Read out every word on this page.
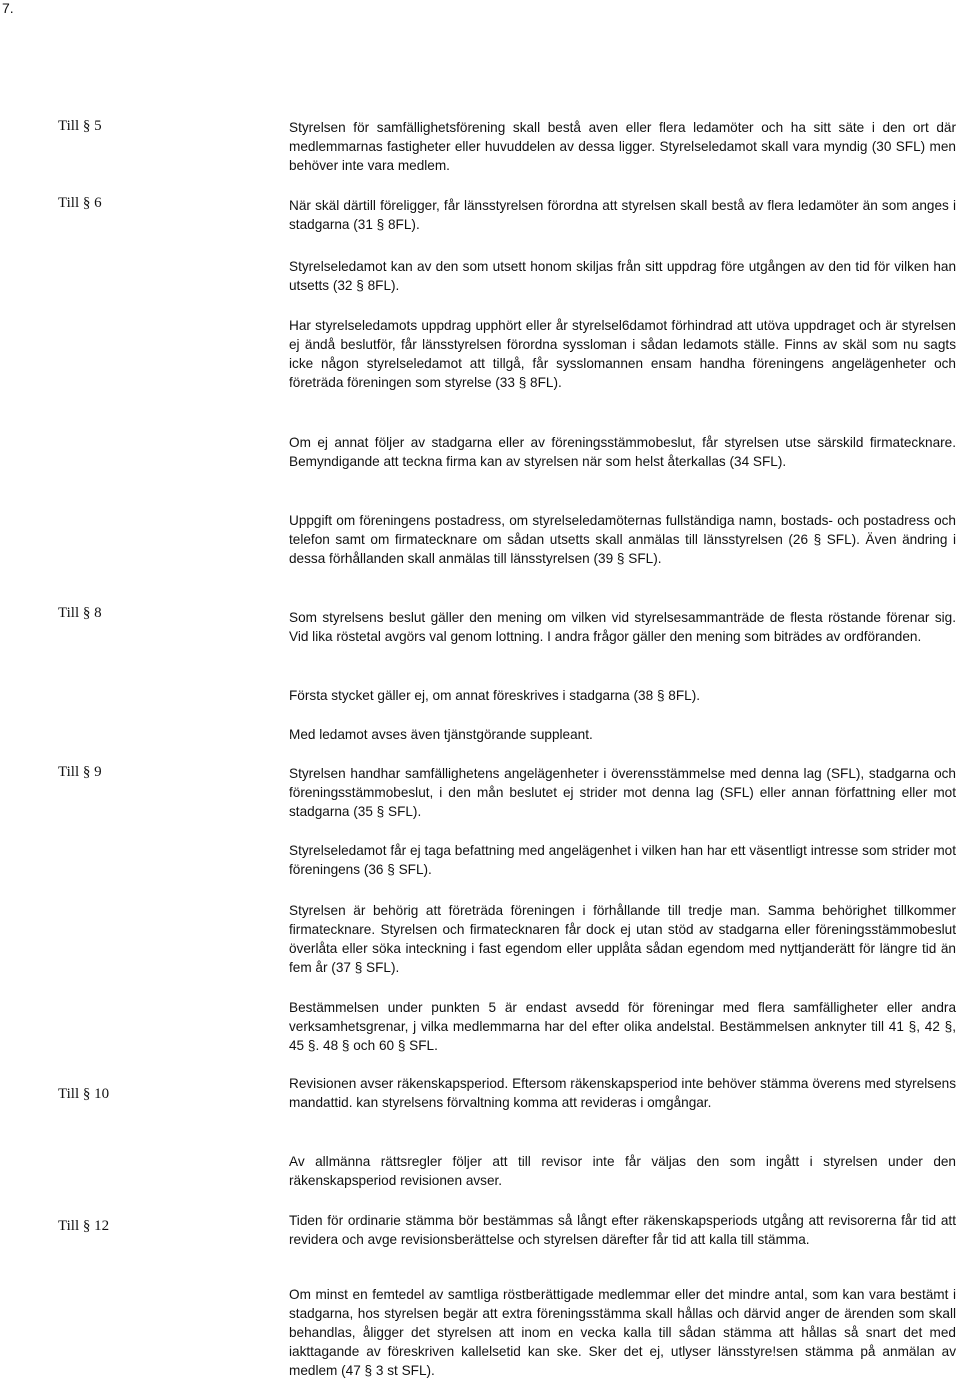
7.
Till § 5
Till § 6
Till § 8
Till § 9
Till § 10
Till § 12
Styrelsen för samfällighetsförening skall bestå aven eller flera ledamöter och ha sitt säte i den ort där medlemmarnas fastigheter eller huvuddelen av dessa ligger. Styrelseledamot skall vara myndig (30 SFL) men behöver inte vara medlem.
När skäl därtill föreligger, får länsstyrelsen förordna att styrelsen skall bestå av flera ledamöter än som anges i stadgarna (31 § 8FL).
Styrelseledamot kan av den som utsett honom skiljas från sitt uppdrag före utgången av den tid för vilken han utsetts (32 § 8FL).
Har styrelseledamots uppdrag upphört eller år styrelsel6damot förhindrad att utöva uppdraget och är styrelsen ej ändå beslutför, får länsstyrelsen förordna syssloman i sådan ledamots ställe. Finns av skäl som nu sagts icke någon styrelseledamot att tillgå, får sysslomannen ensam handha föreningens angelägenheter och företräda föreningen som styrelse (33 § 8FL).
Om ej annat följer av stadgarna eller av föreningsstämmobeslut, får styrelsen utse särskild firmatecknare. Bemyndigande att teckna firma kan av styrelsen när som helst återkallas (34 SFL).
Uppgift om föreningens postadress, om styrelseledamöternas fullständiga namn, bostads- och postadress och telefon samt om firmatecknare om sådan utsetts skall anmälas till länsstyrelsen (26 § SFL). Även ändring i dessa förhållanden skall anmälas till länsstyrelsen (39 § SFL).
Som styrelsens beslut gäller den mening om vilken vid styrelsesammanträde de flesta röstande förenar sig. Vid lika röstetal avgörs val genom lottning. I andra frågor gäller den mening som biträdes av ordföranden.
Första stycket gäller ej, om annat föreskrives i stadgarna (38 § 8FL).
Med ledamot avses även tjänstgörande suppleant.
Styrelsen handhar samfällighetens angelägenheter i överensstämmelse med denna lag (SFL), stadgarna och föreningsstämmobeslut, i den mån beslutet ej strider mot denna lag (SFL) eller annan författning eller mot stadgarna (35 § SFL).
Styrelseledamot får ej taga befattning med angelägenhet i vilken han har ett väsentligt intresse som strider mot föreningens (36 § SFL).
Styrelsen är behörig att företräda föreningen i förhållande till tredje man. Samma behörighet tillkommer firmatecknare. Styrelsen och firmatecknaren får dock ej utan stöd av stadgarna eller föreningsstämmobeslut överlåta eller söka inteckning i fast egendom eller upplåta sådan egendom med nyttjanderätt för längre tid än fem år (37 § SFL).
Bestämmelsen under punkten 5 är endast avsedd för föreningar med flera samfälligheter eller andra verksamhetsgrenar, j vilka medlemmarna har del efter olika andelstal. Bestämmelsen anknyter till 41 §, 42 §, 45 §. 48 § och 60 § SFL.
Revisionen avser räkenskapsperiod. Eftersom räkenskapsperiod inte behöver stämma överens med styrelsens mandattid. kan styrelsens förvaltning komma att revideras i omgångar.
Av allmänna rättsregler följer att till revisor inte får väljas den som ingått i styrelsen under den räkenskapsperiod revisionen avser.
Tiden för ordinarie stämma bör bestämmas så långt efter räkenskapsperiods utgång att revisorerna får tid att revidera och avge revisionsberättelse och styrelsen därefter får tid att kalla till stämma.
Om minst en femtedel av samtliga röstberättigade medlemmar eller det mindre antal, som kan vara bestämt i stadgarna, hos styrelsen begär att extra föreningsstämma skall hållas och därvid anger de ärenden som skall behandlas, åligger det styrelsen att inom en vecka kalla till sådan stämma att hållas så snart det med iakttagande av föreskriven kallelsetid kan ske. Sker det ej, utlyser länsstyre!sen stämma på anmälan av medlem (47 § 3 st SFL).
